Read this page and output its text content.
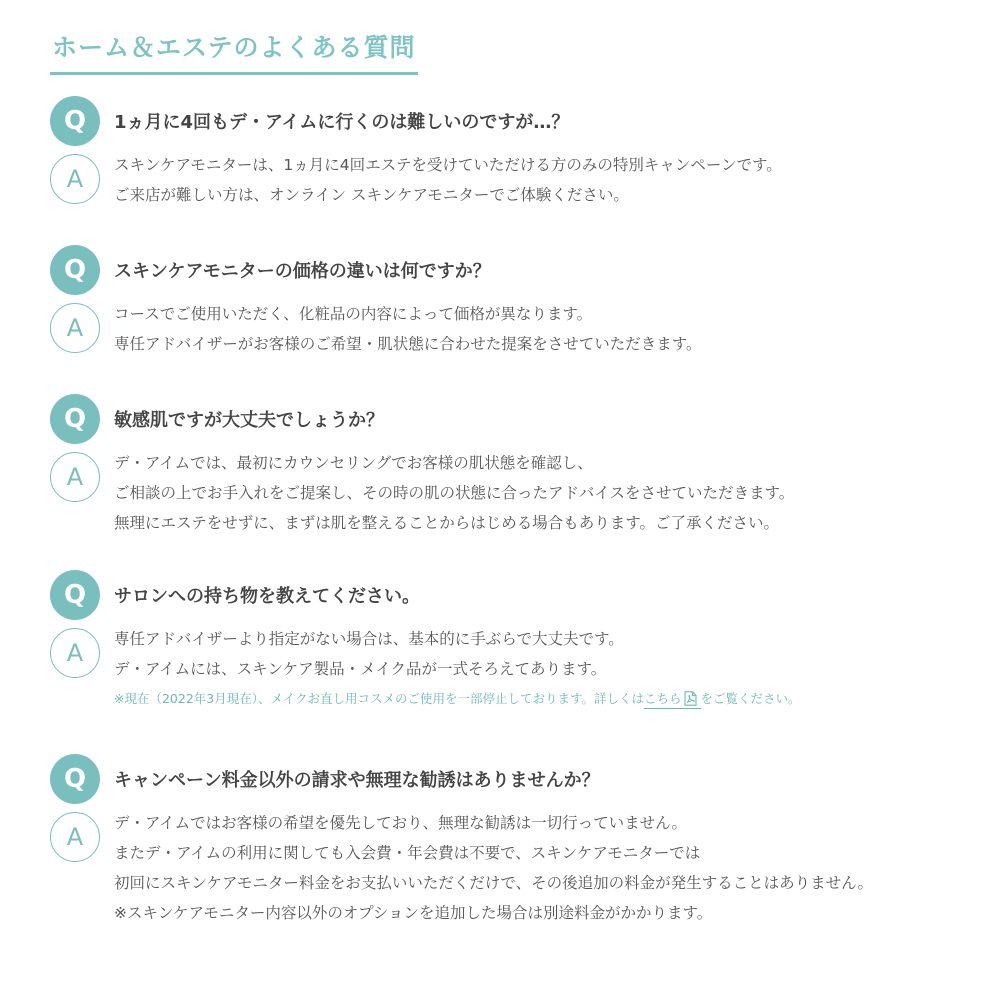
ホーム＆エステのよくある質問
Q	1ヵ月に4回もデ・アイムに行くのは難しいのですが…？
A	スキンケアモニターは、1ヵ月に4回エステを受けていただける方のみの特別キャンペーンです。
ご来店が難しい方は、オンライン スキンケアモニターでご体験ください。
Q	スキンケアモニターの価格の違いは何ですか？
A	コースでご使用いただく、化粧品の内容によって価格が異なります。
専任アドバイザーがお客様のご希望・肌状態に合わせた提案をさせていただきます。
Q	敏感肌ですが大丈夫でしょうか？
A	デ・アイムでは、最初にカウンセリングでお客様の肌状態を確認し、
ご相談の上でお手入れをご提案し、その時の肌の状態に合ったアドバイスをさせていただきます。
無理にエステをせずに、まずは肌を整えることからはじめる場合もあります。ご了承ください。
Q	サロンへの持ち物を教えてください。
A	専任アドバイザーより指定がない場合は、基本的に手ぶらで大丈夫です。
デ・アイムには、スキンケア製品・メイク品が一式そろえてあります。
※現在（2022年3月現在）、メイクお直し用コスメのご使用を一部停止しております。詳しくはこちら をご覧ください。
Q	キャンペーン料金以外の請求や無理な勧誘はありませんか？
A	デ・アイムではお客様の希望を優先しており、無理な勧誘は一切行っていません。
またデ・アイムの利用に関しても入会費・年会費は不要で、スキンケアモニターでは
初回にスキンケアモニター料金をお支払いいただくだけで、その後追加の料金が発生することはありません。
※スキンケアモニター内容以外のオプションを追加した場合は別途料金がかかります。
